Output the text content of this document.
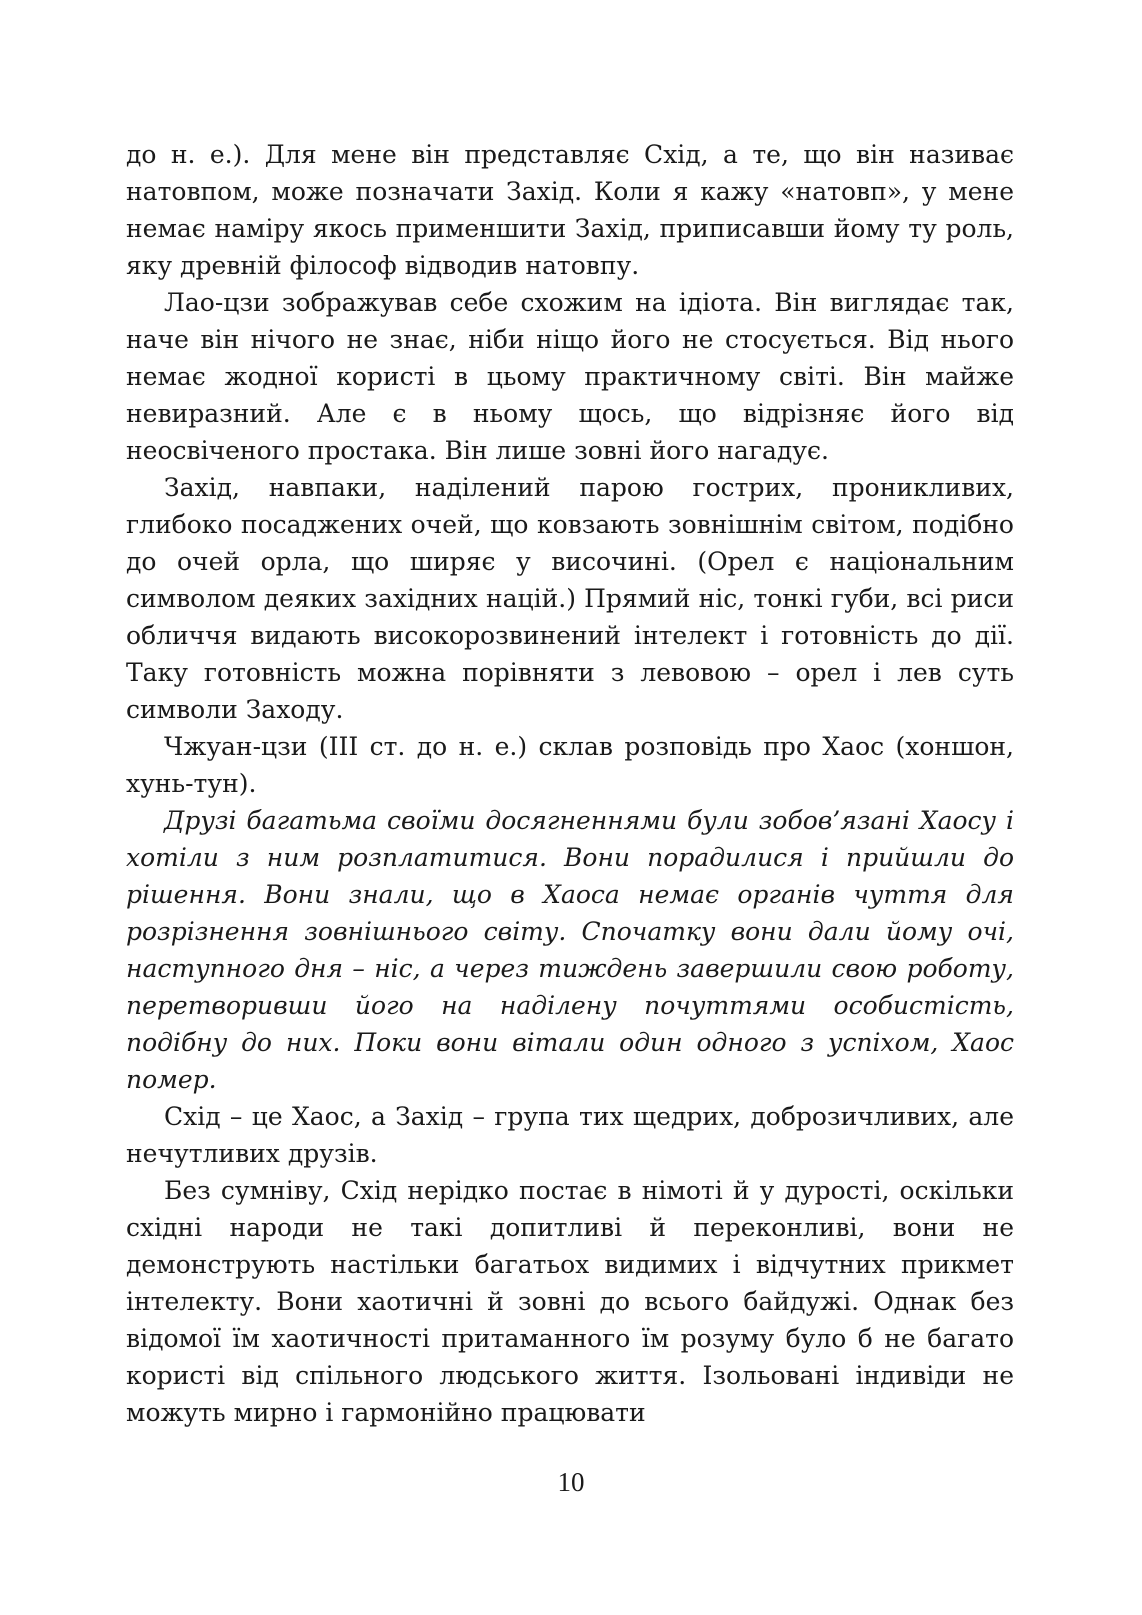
до н. е.). Для мене він представляє Схід, а те, що він називає натовпом, може позначати Захід. Коли я кажу «натовп», у мене немає наміру якось применшити Захід, приписавши йому ту роль, яку древній філософ відводив натовпу.

Лао-цзи зображував себе схожим на ідіота. Він виглядає так, наче він нічого не знає, ніби ніщо його не стосується. Від нього немає жодної користі в цьому практичному світі. Він майже невиразний. Але є в ньому щось, що відрізняє його від неосвіченого простака. Він лише зовні його нагадує.

Захід, навпаки, наділений парою гострих, проникливих, глибоко посаджених очей, що ковзають зовнішнім світом, подібно до очей орла, що ширяє у височині. (Орел є національним символом деяких західних націй.) Прямий ніс, тонкі губи, всі риси обличчя видають високорозвинений інтелект і готовність до дії. Таку готовність можна порівняти з левовою – орел і лев суть символи Заходу.

Чжуан-цзи (III ст. до н. е.) склав розповідь про Хаос (хоншон, хунь-тун).

Друзі багатьма своїми досягненнями були зобов’язані Хаосу і хотіли з ним розплатитися. Вони порадилися і прийшли до рішення. Вони знали, що в Хаоса немає органів чуття для розрізнення зовнішнього світу. Спочатку вони дали йому очі, наступного дня – ніс, а через тиждень завершили свою роботу, перетворивши його на наділену почуттями особистість, подібну до них. Поки вони вітали один одного з успіхом, Хаос помер.

Схід – це Хаос, а Захід – група тих щедрих, доброзичливих, але нечутливих друзів.

Без сумніву, Схід нерідко постає в німоті й у дурості, оскільки східні народи не такі допитливі й переконливі, вони не демонструють настільки багатьох видимих і відчутних прикмет інтелекту. Вони хаотичні й зовні до всього байдужі. Однак без відомої їм хаотичності притаманного їм розуму було б не багато користі від спільного людського життя. Ізольовані індивіди не можуть мирно і гармонійно працювати

10
